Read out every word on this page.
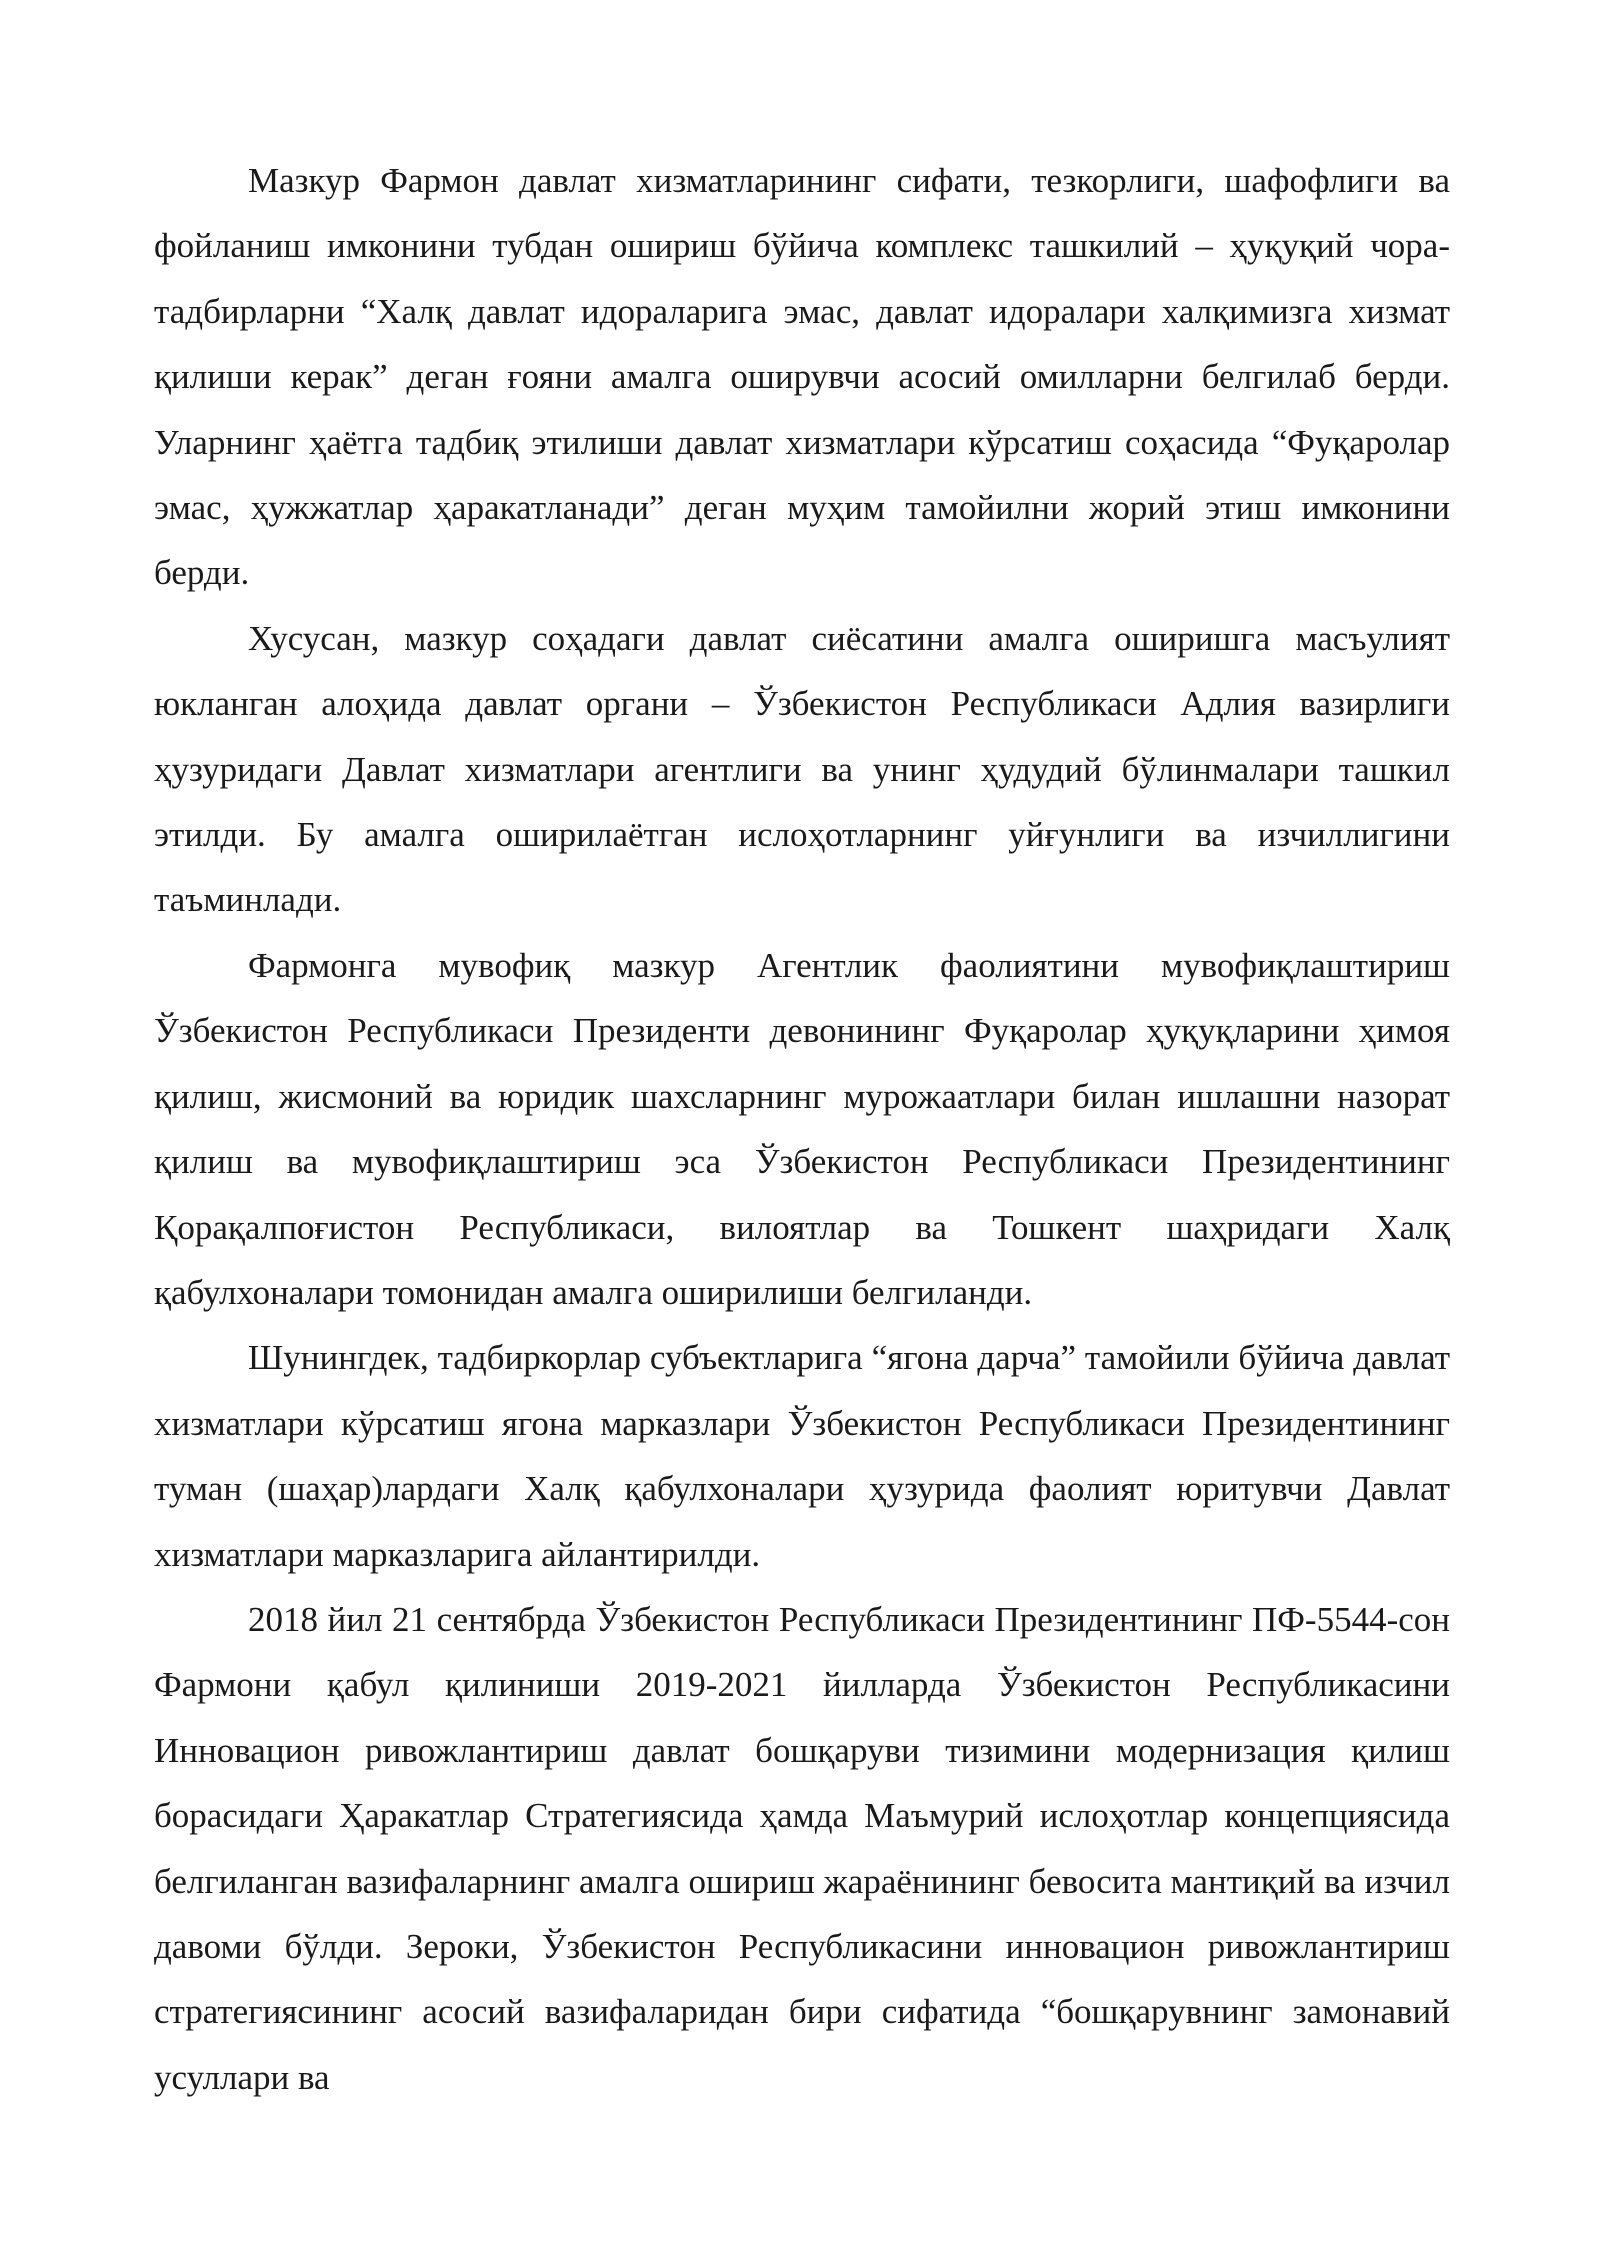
Мазкур Фармон давлат хизматларининг сифати, тезкорлиги, шафофлиги ва фойланиш имконини тубдан ошириш бўйича комплекс ташкилий – ҳуқуқий чора-тадбирларни “Халқ давлат идораларига эмас, давлат идоралари халқимизга хизмат қилиши керак” деган ғояни амалга оширувчи асосий омилларни белгилаб берди. Уларнинг ҳаётга тадбиқ этилиши давлат хизматлари кўрсатиш соҳасида “Фуқаролар эмас, ҳужжатлар ҳаракатланади” деган муҳим тамойилни жорий этиш имконини берди.

Хусусан, мазкур соҳадаги давлат сиёсатини амалга оширишга масъулият юкланган алоҳида давлат органи – Ўзбекистон Республикаси Адлия вазирлиги ҳузуридаги Давлат хизматлари агентлиги ва унинг ҳудудий бўлинмалари ташкил этилди. Бу амалга оширилаётган ислоҳотларнинг уйғунлиги ва изчиллигини таъминлади.

Фармонга мувофиқ мазкур Агентлик фаолиятини мувофиқлаштириш Ўзбекистон Республикаси Президенти девонининг Фуқаролар ҳуқуқларини ҳимоя қилиш, жисмоний ва юридик шахсларнинг мурожаатлари билан ишлашни назорат қилиш ва мувофиқлаштириш эса Ўзбекистон Республикаси Президентининг Қорақалпоғистон Республикаси, вилоятлар ва Тошкент шаҳридаги Халқ қабулхоналари томонидан амалга оширилиши белгиланди.

Шунингдек, тадбиркорлар субъектларига “ягона дарча” тамойили бўйича давлат хизматлари кўрсатиш ягона марказлари Ўзбекистон Республикаси Президентининг туман (шаҳар)лардаги Халқ қабулхоналари ҳузурида фаолият юритувчи Давлат хизматлари марказларига айлантирилди.

2018 йил 21 сентябрда Ўзбекистон Республикаси Президентининг ПФ-5544-сон Фармони қабул қилиниши 2019-2021 йилларда Ўзбекистон Республикасини Инновацион ривожлантириш давлат бошқаруви тизимини модернизация қилиш борасидаги Ҳаракатлар Стратегиясида ҳамда Маъмурий ислоҳотлар концепциясида белгиланган вазифаларнинг амалга ошириш жараёнининг бевосита мантиқий ва изчил давоми бўлди. Зероки, Ўзбекистон Республикасини инновацион ривожлантириш стратегиясининг асосий вазифаларидан бири сифатида “бошқарувнинг замонавий усуллари ва
